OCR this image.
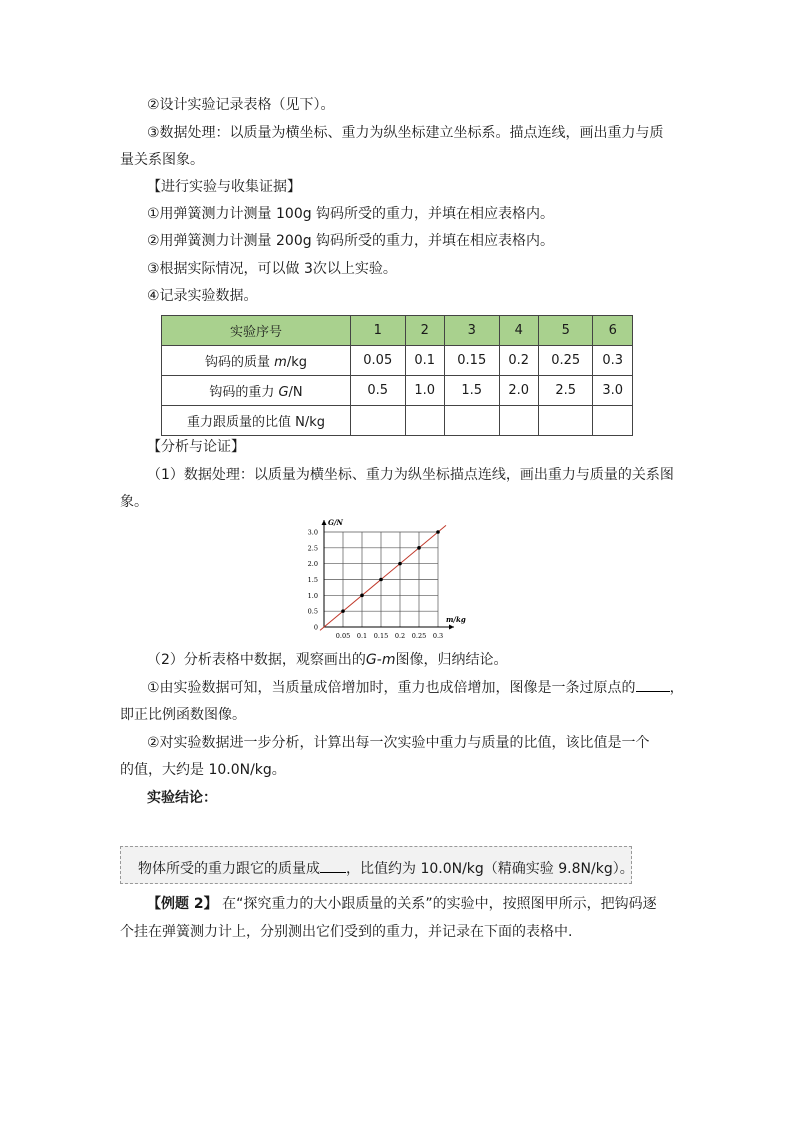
②设计实验记录表格（见下）。
③数据处理：以质量为横坐标、重力为纵坐标建立坐标系。描点连线，画出重力与质
量关系图象。
【进行实验与收集证据】
①用弹簧测力计测量 100g 钩码所受的重力，并填在相应表格内。
②用弹簧测力计测量 200g 钩码所受的重力，并填在相应表格内。
③根据实际情况，可以做 3次以上实验。
④记录实验数据。
实验序号	1	2	3	4	5	6
钩码的质量 m/kg	0.05	0.1	0.15	0.2	0.25	0.3
钩码的重力 G/N	0.5	1.0	1.5	2.0	2.5	3.0
重力跟质量的比值 N/kg						
【分析与论证】
（1）数据处理：以质量为横坐标、重力为纵坐标描点连线，画出重力与质量的关系图
象。
0.05 0.1 0.15 0.2 0.25 0.3
0
0.5
1.0
1.5
2.0
2.5
3.0
G/N
m/kg
（2）分析表格中数据，观察画出的G-m图像，归纳结论。
①由实验数据可知，当质量成倍增加时，重力也成倍增加，图像是一条过原点的 ，
即正比例函数图像。
②对实验数据进一步分析，计算出每一次实验中重力与质量的比值，该比值是一个
的值，大约是 10.0N/kg。
实验结论：
物体所受的重力跟它的质量成 ，比值约为 10.0N/kg（精确实验 9.8N/kg）。
【例题 2】 在“探究重力的大小跟质量的关系”的实验中，按照图甲所示，把钩码逐
个挂在弹簧测力计上，分别测出它们受到的重力，并记录在下面的表格中.
